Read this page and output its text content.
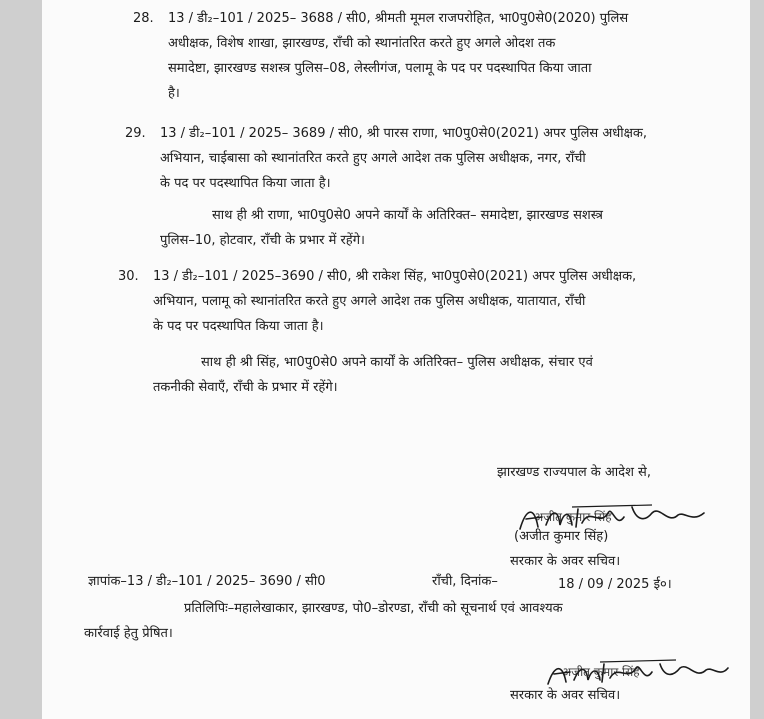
28. 13 / डी₂–101 / 2025– 3688 / सी0, श्रीमती मूमल राजपरोहित, भा0पु0से0(2020) पुलिस
अधीक्षक, विशेष शाखा, झारखण्ड, राँची को स्थानांतरित करते हुए अगले ओदश तक
समादेष्टा, झारखण्ड सशस्त्र पुलिस–08, लेस्लीगंज, पलामू के पद पर पदस्थापित किया जाता
है।
29. 13 / डी₂–101 / 2025– 3689 / सी0, श्री पारस राणा, भा0पु0से0(2021) अपर पुलिस अधीक्षक,
अभियान, चाईबासा को स्थानांतरित करते हुए अगले आदेश तक पुलिस अधीक्षक, नगर, राँची
के पद पर पदस्थापित किया जाता है।
साथ ही श्री राणा, भा0पु0से0 अपने कार्यों के अतिरिक्त– समादेष्टा, झारखण्ड सशस्त्र
पुलिस–10, होटवार, राँची के प्रभार में रहेंगे।
30. 13 / डी₂–101 / 2025–3690 / सी0, श्री राकेश सिंह, भा0पु0से0(2021) अपर पुलिस अधीक्षक,
अभियान, पलामू को स्थानांतरित करते हुए अगले आदेश तक पुलिस अधीक्षक, यातायात, राँची
के पद पर पदस्थापित किया जाता है।
साथ ही श्री सिंह, भा0पु0से0 अपने कार्यों के अतिरिक्त– पुलिस अधीक्षक, संचार एवं
तकनीकी सेवाएँ, राँची के प्रभार में रहेंगे।
झारखण्ड राज्यपाल के आदेश से,
अजीत कुमार सिंह
(अजीत कुमार सिंह)
सरकार के अवर सचिव।
ज्ञापांक–13 / डी₂–101 / 2025– 3690 / सी0	राँची, दिनांक–	18 / 09 / 2025 ई०।
प्रतिलिपिः–महालेखाकार, झारखण्ड, पो0–डोरण्डा, राँची को सूचनार्थ एवं आवश्यक
कार्रवाई हेतु प्रेषित।
अजीत कुमार सिंह
सरकार के अवर सचिव।
